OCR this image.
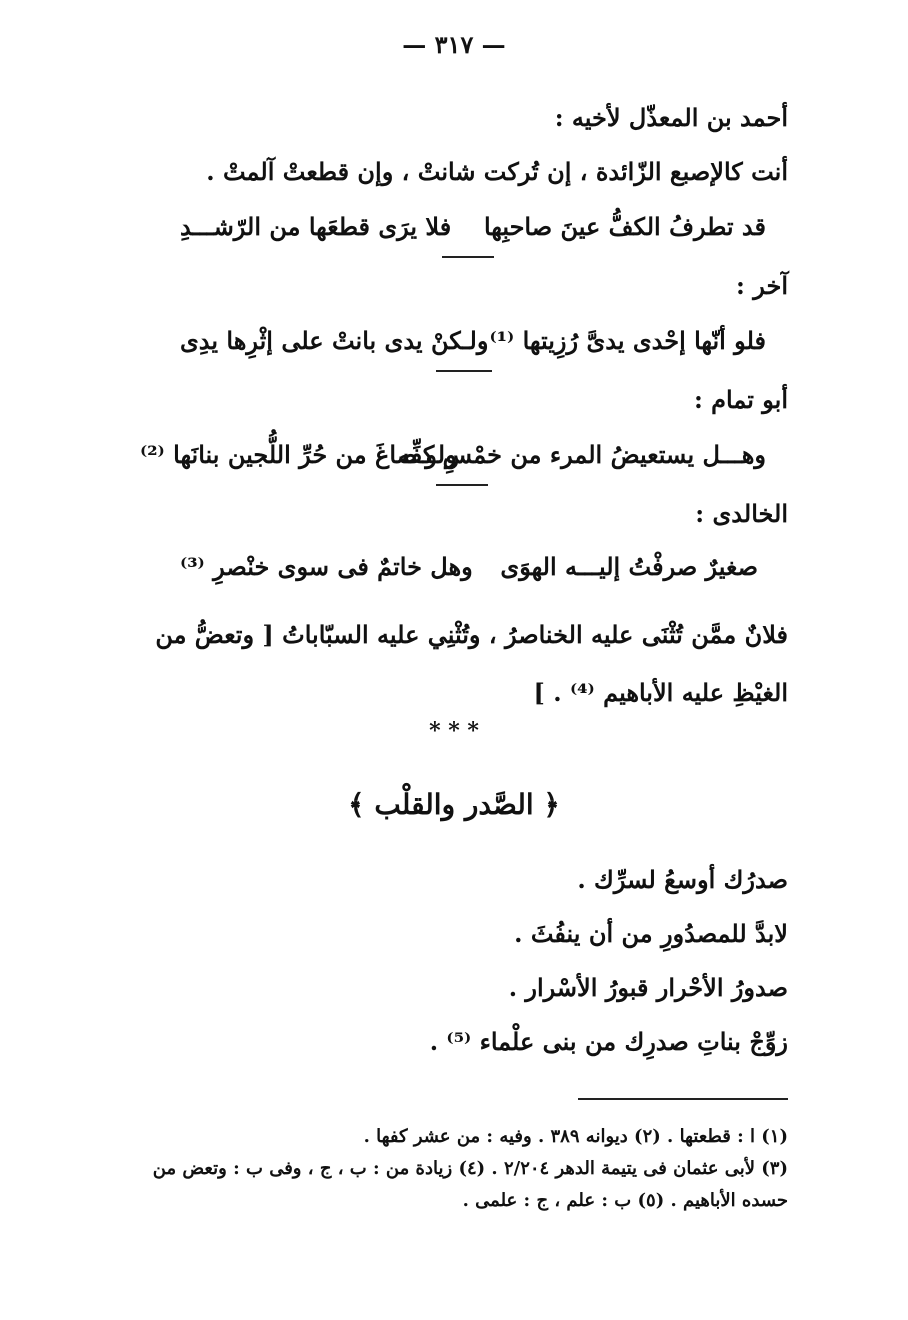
— ٣١٧ —
أحمد بن المعذّل لأخيه :
أنت كالإصبع الزّائدة ، إن تُركت شانتْ ، وإن قطعتْ آلمتْ .
قد تطرفُ الكفُّ عينَ صاحبِها
فلا يرَى قطعَها من الرّشـــدِ
آخر :
فلو أنّها إحْدى يدىَّ رُزِيتها ⁽¹⁾
ولـكنْ يدى بانتْ على إثْرِها يدِى
أبو تمام :
وهـــل يستعيضُ المرء من خمْسِ كفِّه
ولو صاغَ من حُرِّ اللُّجين بنانَها ⁽²⁾
الخالدى :
صغيرٌ صرفْتُ إليـــه الهوَى
وهل خاتمٌ فى سوى خنْصرِ ⁽³⁾
فلانٌ ممَّن تُثْنَى عليه الخناصرُ ، وتُثْنِي عليه السبّاباتُ [ وتعضُّ من الغيْظِ عليه الأباهيم ⁽⁴⁾ . ]
* * *
﴿ الصَّدر والقلْب ﴾
صدرُك أوسعُ لسرِّك .
لابدَّ للمصدُورِ من أن ينفُثَ .
صدورُ الأحْرار قبورُ الأسْرار .
زوِّجْ بناتِ صدرِك من بنى علْماء ⁽⁵⁾ .
(١) ا : قطعتها . (٢) ديوانه ٣٨٩ . وفيه : من عشر كفها .
(٣) لأبى عثمان فى يتيمة الدهر ٢/٢٠٤ . (٤) زيادة من : ب ، ج ، وفى ب : وتعض من
حسده الأباهيم . (٥) ب : علم ، ج : علمى .
